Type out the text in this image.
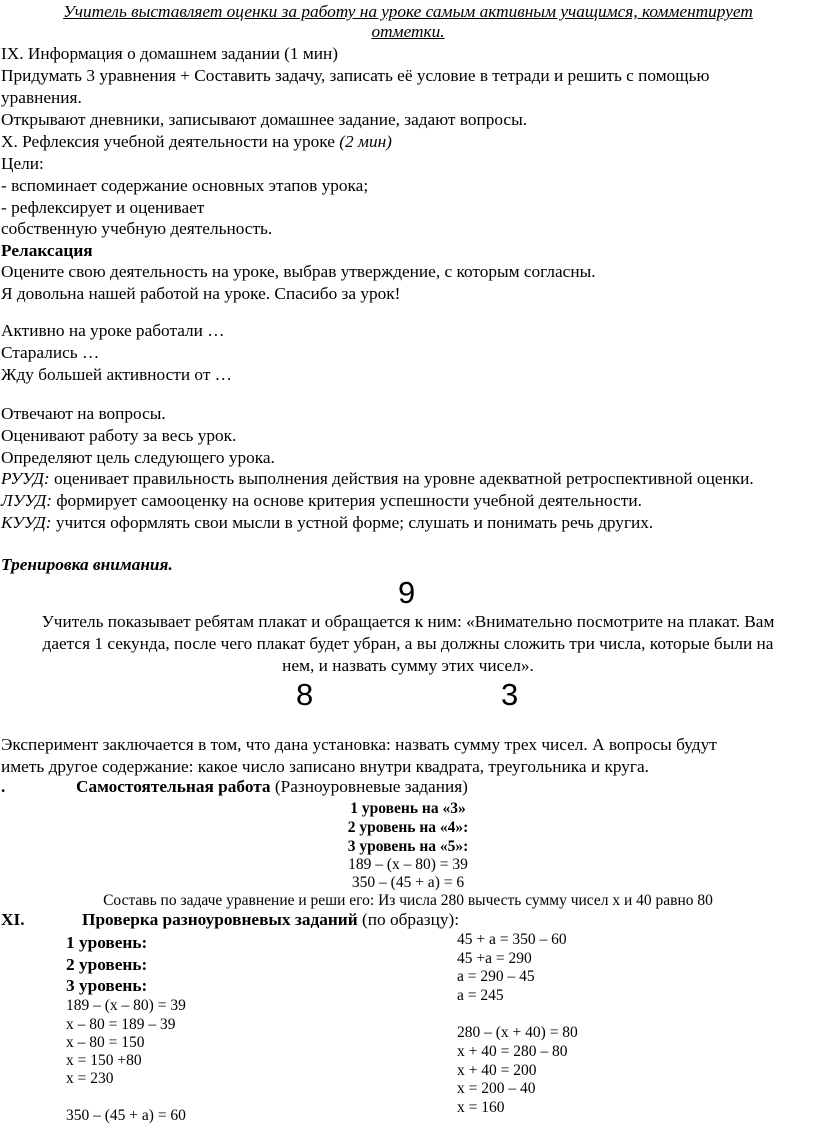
Учитель выставляет оценки за работу на уроке самым активным учащимся, комментирует
отметки.
IX. Информация о домашнем задании (1 мин)
Придумать 3 уравнения + Составить задачу, записать её условие в тетради и решить с помощью
уравнения.
Открывают дневники, записывают домашнее задание, задают вопросы.
X. Рефлексия учебной деятельности на уроке (2 мин)
Цели:
- вспоминает содержание основных этапов урока;
- рефлексирует и оценивает
собственную учебную деятельность.
Релаксация
Оцените свою деятельность на уроке, выбрав утверждение, с которым согласны.
Я довольна нашей работой на уроке. Спасибо за урок!
Активно на уроке работали …
Старались …
Жду большей активности от …
Отвечают на вопросы.
Оценивают работу за весь урок.
Определяют цель следующего урока.
РУУД: оценивает правильность выполнения действия на уровне адекватной ретроспективной оценки.
ЛУУД: формирует самооценку на основе критерия успешности учебной деятельности.
КУУД: учится оформлять свои мысли в устной форме; слушать и понимать речь других.
Тренировка внимания.
9
Учитель показывает ребятам плакат и обращается к ним: «Внимательно посмотрите на плакат. Вам
дается 1 секунда, после чего плакат будет убран, а вы должны сложить три числа, которые были на
нем, и назвать сумму этих чисел».
8	3
Эксперимент заключается в том, что дана установка: назвать сумму трех чисел. А вопросы будут
иметь другое содержание: какое число записано внутри квадрата, треугольника и круга.
.	Самостоятельная работа (Разноуровневые задания)
1 уровень на «3»
2 уровень на «4»:
3 уровень на «5»:
189 – (х – 80) = 39
350 – (45 + а) = 6
Составь по задаче уравнение и реши его: Из числа 280 вычесть сумму чисел х и 40 равно 80
XI.	Проверка разноуровневых заданий (по образцу):
1 уровень:
2 уровень:
3 уровень:
189 – (х – 80) = 39
х – 80 = 189 – 39
х – 80 = 150
х = 150 +80
х = 230
350 – (45 + а) = 60
45 + а = 350 – 60
45 +а = 290
а = 290 – 45
а = 245
280 – (х + 40) = 80
х + 40 = 280 – 80
х + 40 = 200
х = 200 – 40
х = 160
